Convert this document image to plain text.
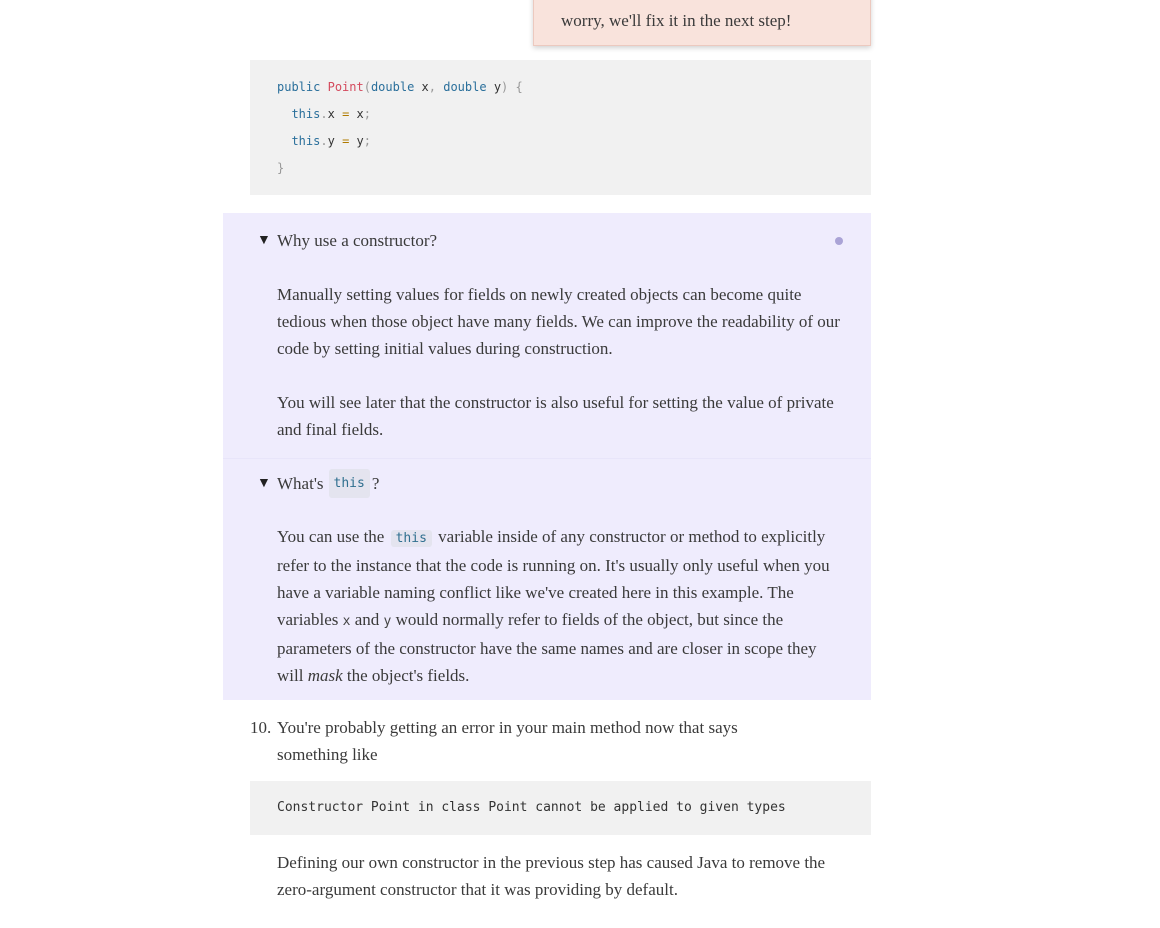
worry, we'll fix it in the next step!
public Point(double x, double y) {
this.x = x;
this.y = y;
}
▼ Why use a constructor?
Manually setting values for fields on newly created objects can become quite tedious when those object have many fields. We can improve the readability of our code by setting initial values during construction.
You will see later that the constructor is also useful for setting the value of private and final fields.
▼ What's this ?
You can use the this variable inside of any constructor or method to explicitly refer to the instance that the code is running on. It's usually only useful when you have a variable naming conflict like we've created here in this example. The variables x and y would normally refer to fields of the object, but since the parameters of the constructor have the same names and are closer in scope they will mask the object's fields.
10. You're probably getting an error in your main method now that says something like
Constructor Point in class Point cannot be applied to given types
Defining our own constructor in the previous step has caused Java to remove the zero-argument constructor that it was providing by default.
